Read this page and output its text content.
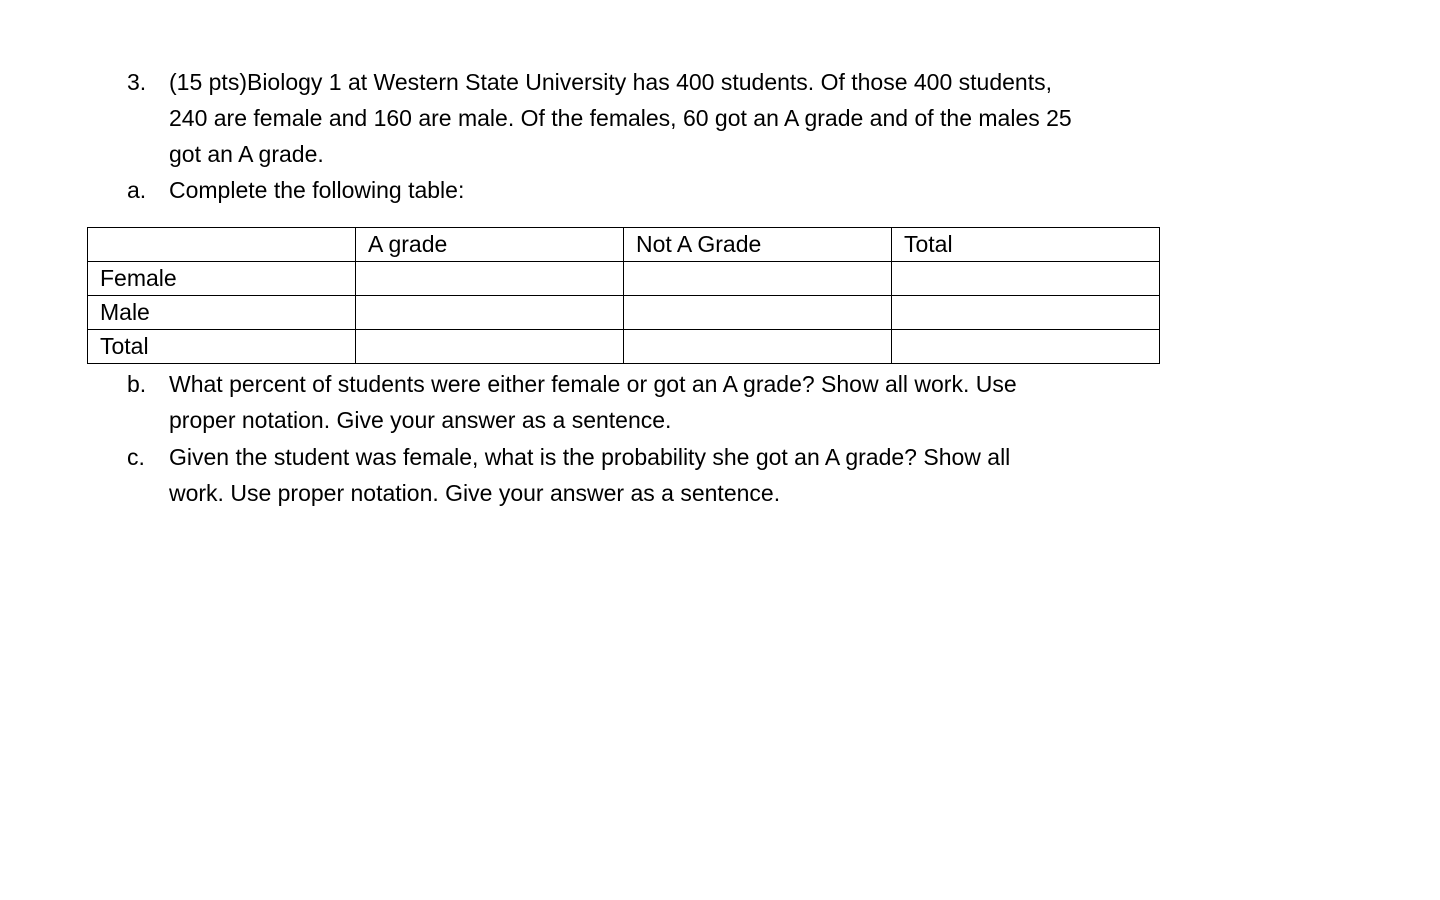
3. (15 pts)Biology 1 at Western State University has 400 students. Of those 400 students,
240 are female and 160 are male. Of the females, 60 got an A grade and of the males 25
got an A grade.
a. Complete the following table:
	A grade	Not A Grade	Total
Female			
Male			
Total			
b. What percent of students were either female or got an A grade? Show all work. Use
proper notation. Give your answer as a sentence.
c. Given the student was female, what is the probability she got an A grade? Show all
work. Use proper notation. Give your answer as a sentence.
